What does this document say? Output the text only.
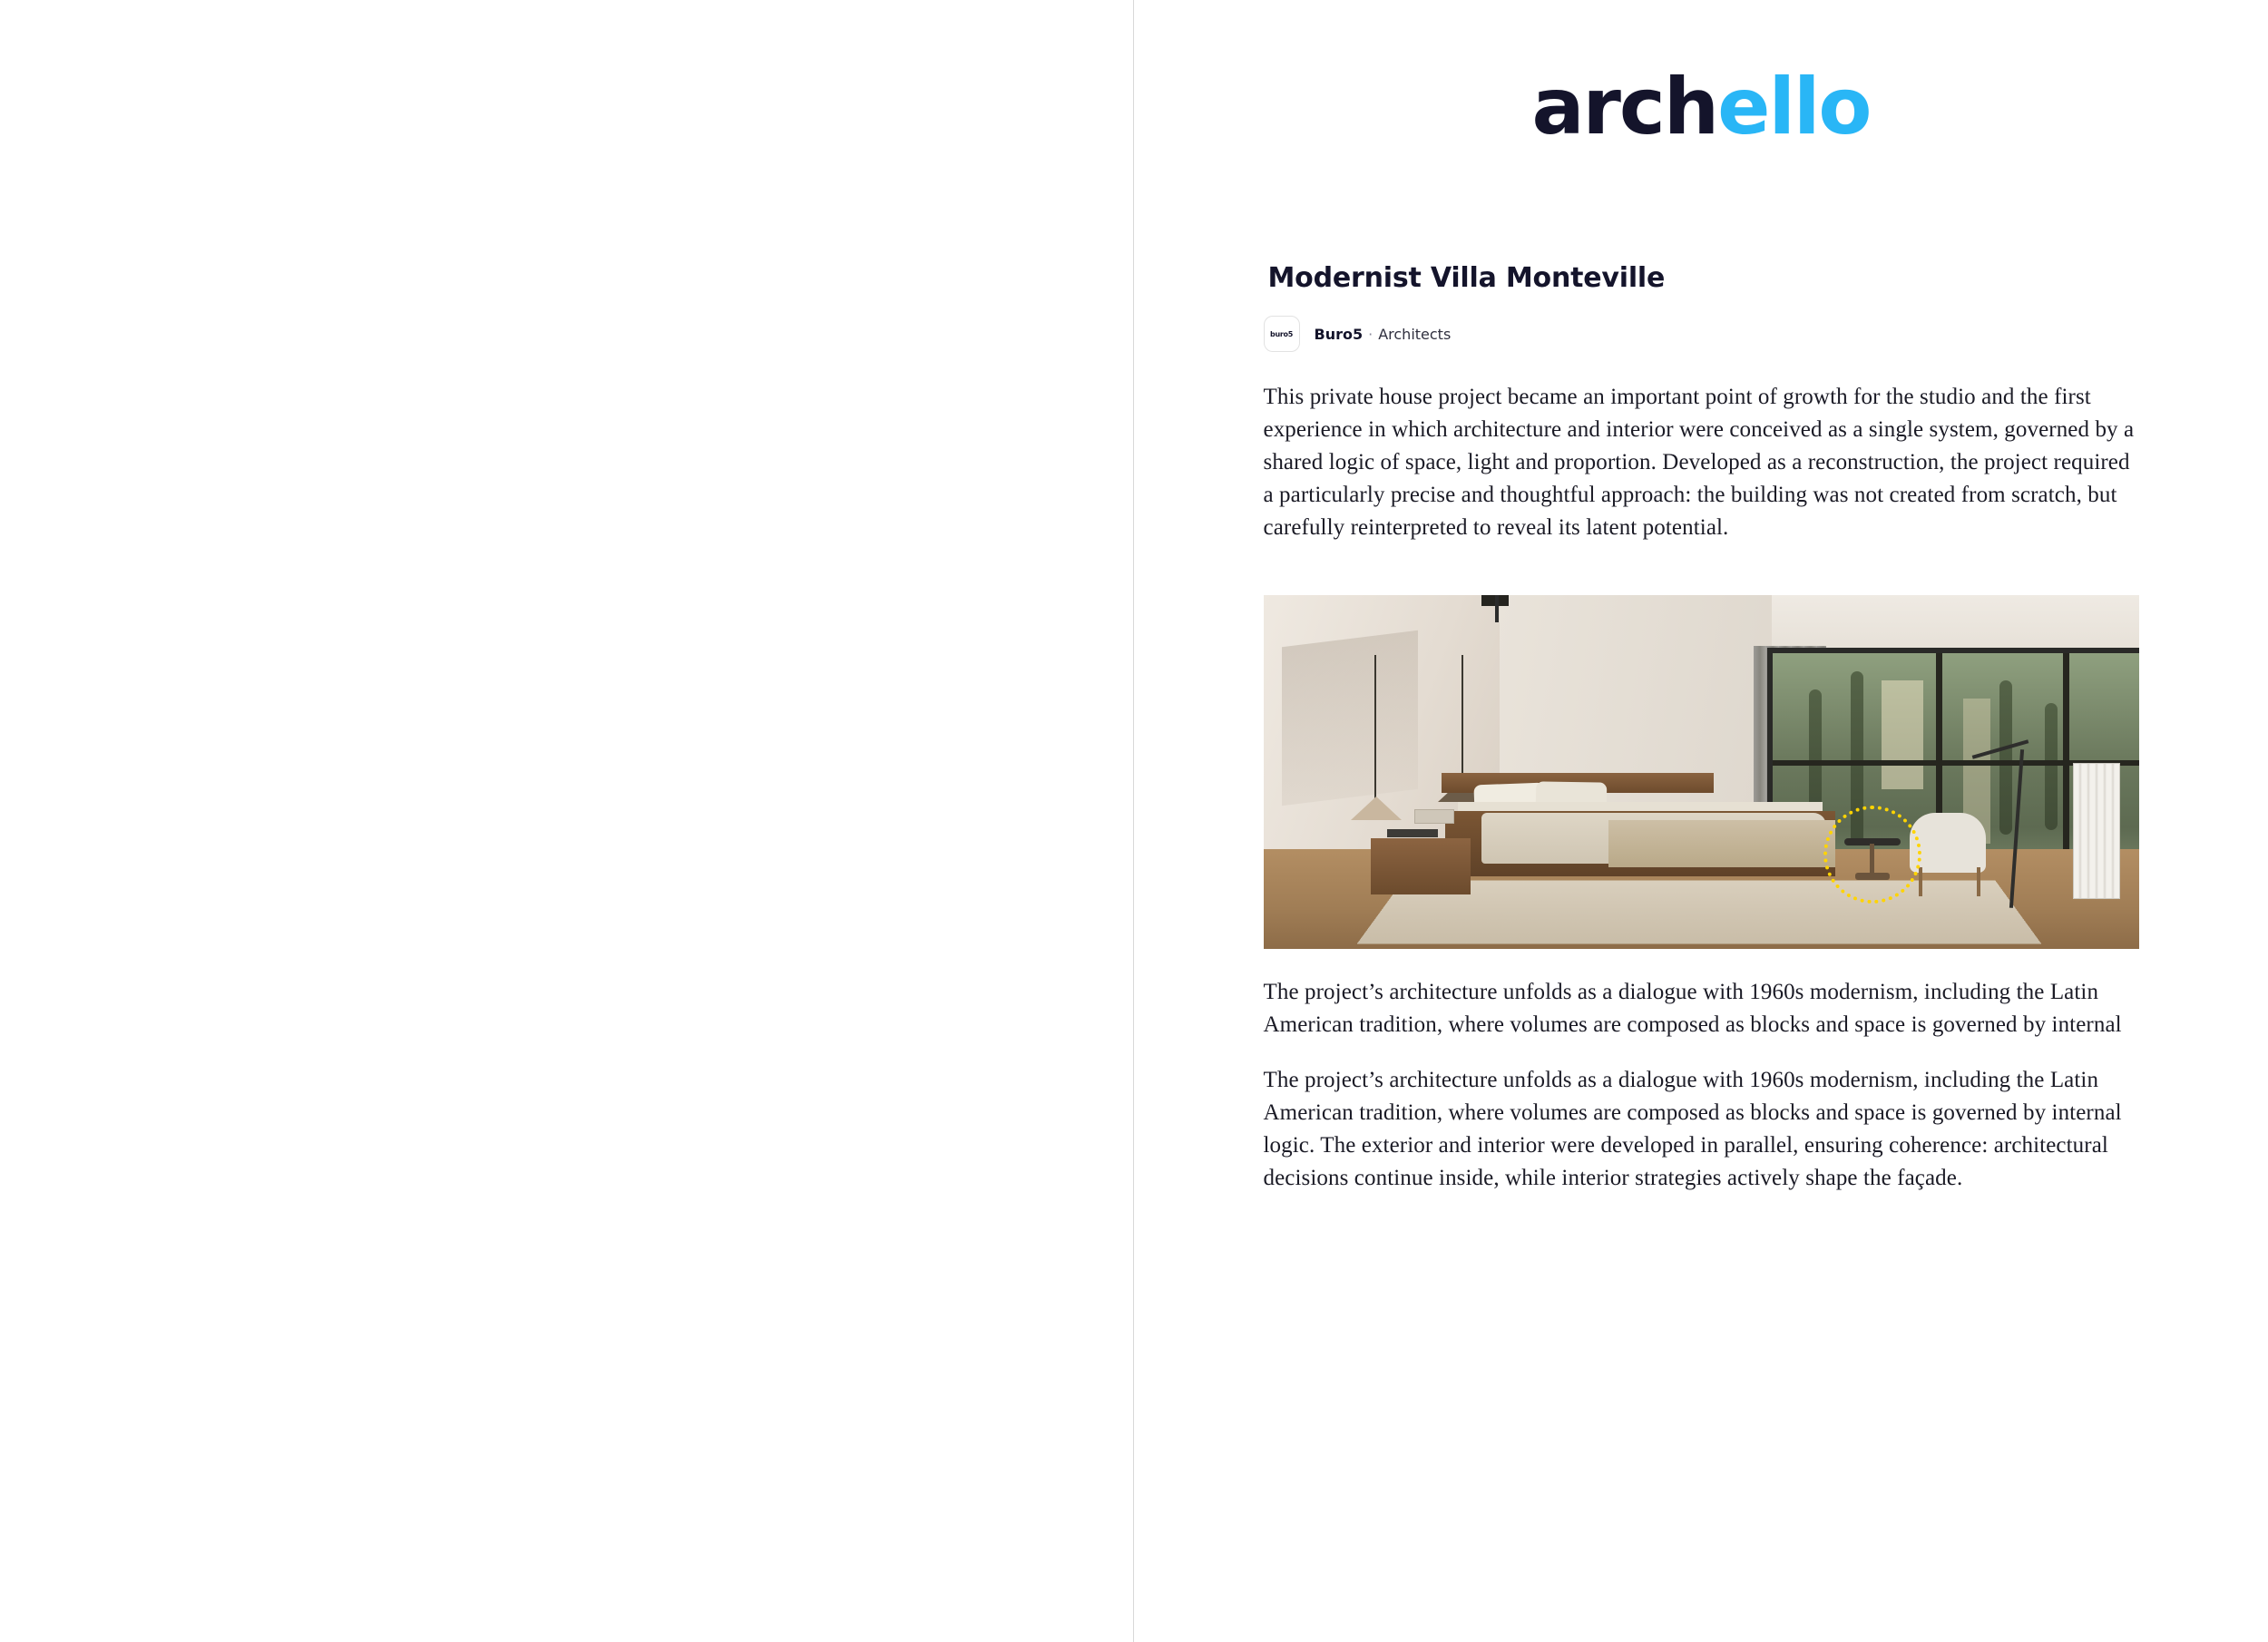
archello
Modernist Villa Monteville
buro5 Buro5 · Architects

This private house project became an important point of growth for the studio and the first experience in which architecture and interior were conceived as a single system, governed by a shared logic of space, light and proportion. Developed as a reconstruction, the project required a particularly precise and thoughtful approach: the building was not created from scratch, but carefully reinterpreted to reveal its latent potential.

The project’s architecture unfolds as a dialogue with 1960s modernism, including the Latin American tradition, where volumes are composed as blocks and space is governed by internal

The project’s architecture unfolds as a dialogue with 1960s modernism, including the Latin American tradition, where volumes are composed as blocks and space is governed by internal logic. The exterior and interior were developed in parallel, ensuring coherence: architectural decisions continue inside, while interior strategies actively shape the façade.
